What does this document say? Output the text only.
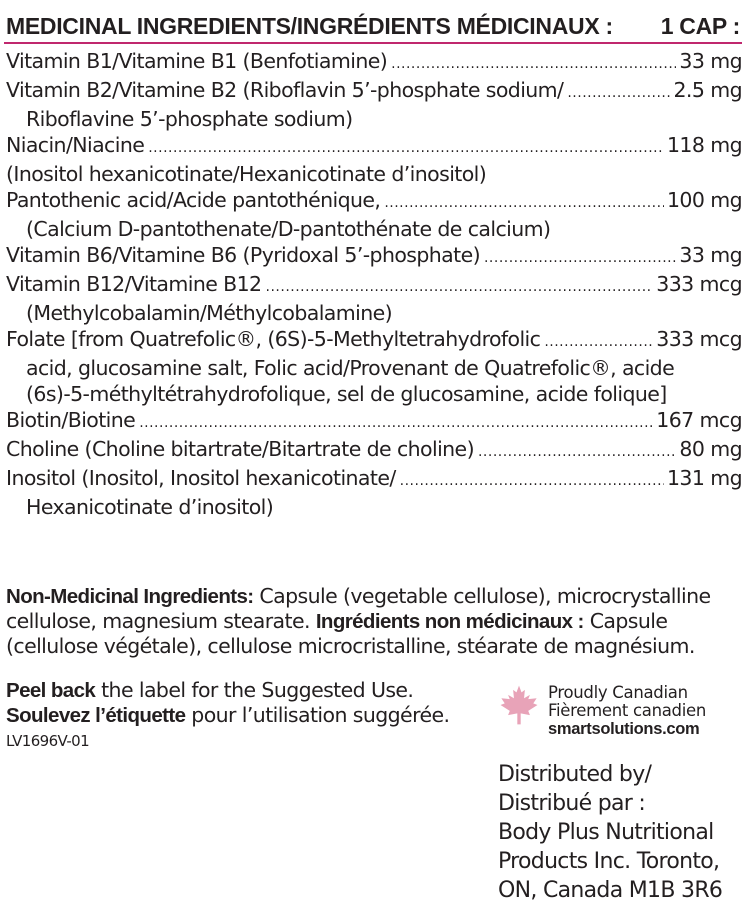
MEDICINAL INGREDIENTS/INGRÉDIENTS MÉDICINAUX : 1 CAP :
Vitamin B1/Vitamine B1 (Benfotiamine) .....	33 mg
Vitamin B2/Vitamine B2 (Riboflavin 5’-phosphate sodium/ .....	2.5 mg
Riboflavine 5’-phosphate sodium)
Niacin/Niacine .....	118 mg
(Inositol hexanicotinate/Hexanicotinate d’inositol)
Pantothenic acid/Acide pantothénique, .....	100 mg
(Calcium D-pantothenate/D-pantothénate de calcium)
Vitamin B6/Vitamine B6 (Pyridoxal 5’-phosphate) .....	33 mg
Vitamin B12/Vitamine B12 .....	333 mcg
(Methylcobalamin/Méthylcobalamine)
Folate [from Quatrefolic®, (6S)-5-Methyltetrahydrofolic .....	333 mcg
acid, glucosamine salt, Folic acid/Provenant de Quatrefolic®, acide
(6s)-5-méthyltétrahydrofolique, sel de glucosamine, acide folique]
Biotin/Biotine .....	167 mcg
Choline (Choline bitartrate/Bitartrate de choline) .....	80 mg
Inositol (Inositol, Inositol hexanicotinate/ .....	131 mg
Hexanicotinate d’inositol)
Non-Medicinal Ingredients: Capsule (vegetable cellulose), microcrystalline cellulose, magnesium stearate. Ingrédients non médicinaux : Capsule (cellulose végétale), cellulose microcristalline, stéarate de magnésium.
Peel back the label for the Suggested Use.
Soulevez l’étiquette pour l’utilisation suggérée.
LV1696V-01
Proudly Canadian
Fièrement canadien
smartsolutions.com
Distributed by/
Distribué par :
Body Plus Nutritional
Products Inc. Toronto,
ON, Canada M1B 3R6
